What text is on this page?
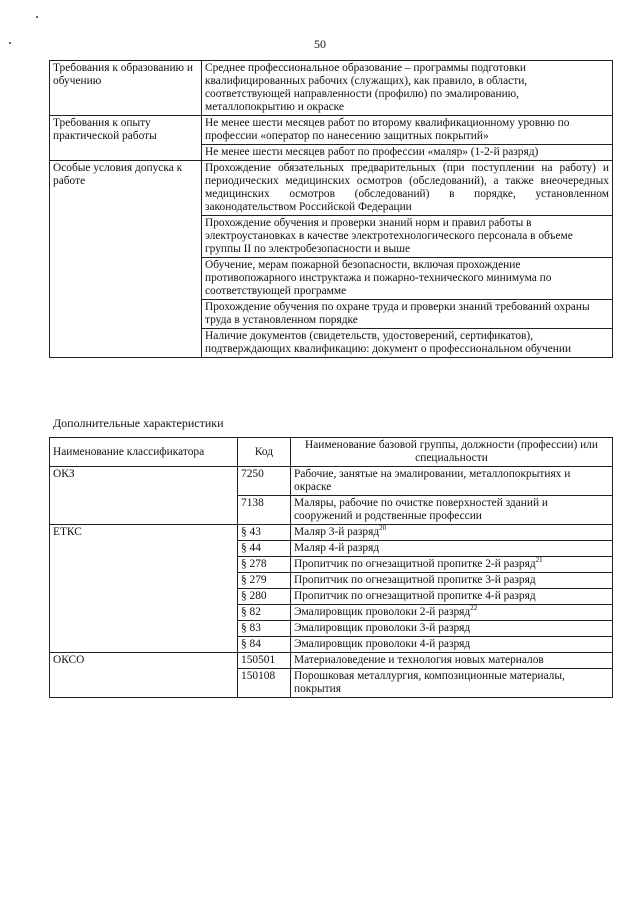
50
Требования к образованию и обучению	Среднее профессиональное образование – программы подготовки квалифицированных рабочих (служащих), как правило, в области, соответствующей направленности (профилю) по эмалированию, металлопокрытию и окраске
Требования к опыту практической работы	Не менее шести месяцев работ по второму квалификационному уровню по профессии «оператор по нанесению защитных покрытий»
	Не менее шести месяцев работ по профессии «маляр» (1-2-й разряд)
Особые условия допуска к работе	Прохождение обязательных предварительных (при поступлении на работу) и периодических медицинских осмотров (обследований), а также внеочередных медицинских осмотров (обследований) в порядке, установленном законодательством Российской Федерации
	Прохождение обучения и проверки знаний норм и правил работы в электроустановках в качестве электротехнологического персонала в объеме группы II по электробезопасности и выше
	Обучение, мерам пожарной безопасности, включая прохождение противопожарного инструктажа и пожарно-технического минимума по соответствующей программе
	Прохождение обучения по охране труда и проверки знаний требований охраны труда в установленном порядке
	Наличие документов (свидетельств, удостоверений, сертификатов), подтверждающих квалификацию: документ о профессиональном обучении
Дополнительные характеристики
Наименование классификатора	Код	Наименование базовой группы, должности (профессии) или специальности
ОКЗ	7250	Рабочие, занятые на эмалировании, металлопокрытиях и окраске
	7138	Маляры, рабочие по очистке поверхностей зданий и сооружений и родственные профессии
ЕТКС	§ 43	Маляр 3-й разряд$^{20}$
	§ 44	Маляр 4-й разряд
	§ 278	Пропитчик по огнезащитной пропитке 2-й разряд$^{21}$
	§ 279	Пропитчик по огнезащитной пропитке 3-й разряд
	§ 280	Пропитчик по огнезащитной пропитке 4-й разряд
	§ 82	Эмалировщик проволоки 2-й разряд$^{22}$
	§ 83	Эмалировщик проволоки 3-й разряд
	§ 84	Эмалировщик проволоки 4-й разряд
ОКСО	150501	Материаловедение и технология новых материалов
	150108	Порошковая металлургия, композиционные материалы, покрытия
